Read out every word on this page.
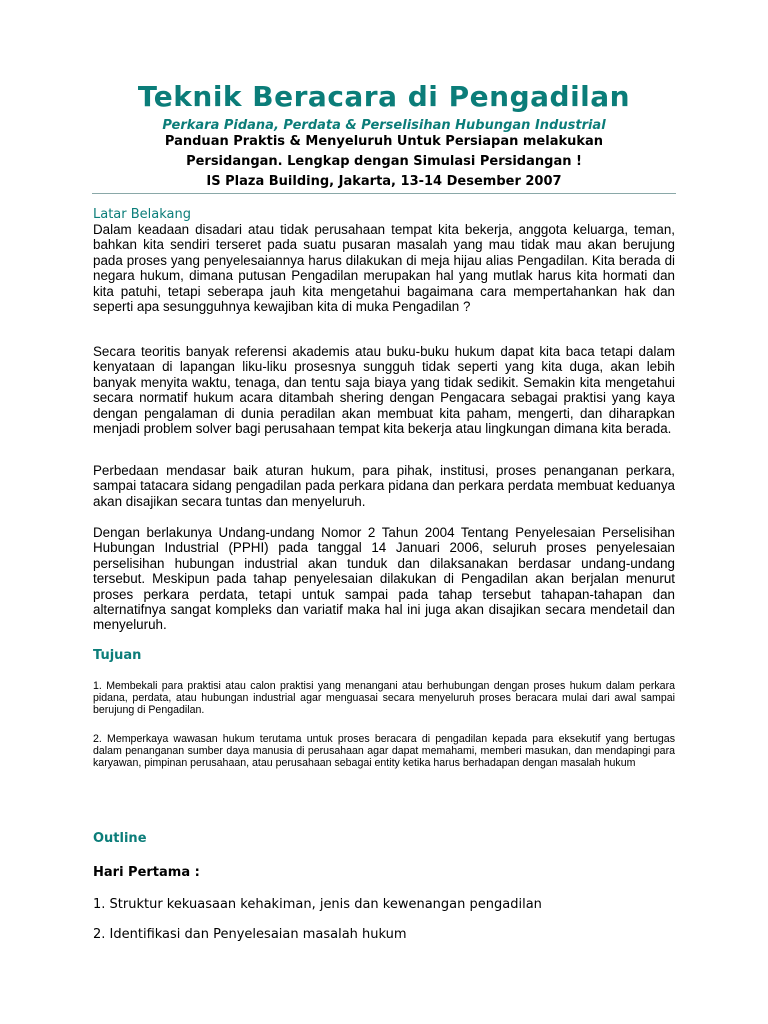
Teknik Beracara di Pengadilan
Perkara Pidana, Perdata & Perselisihan Hubungan Industrial
Panduan Praktis & Menyeluruh Untuk Persiapan melakukan
Persidangan. Lengkap dengan Simulasi Persidangan !
IS Plaza Building, Jakarta, 13-14 Desember 2007
Latar Belakang
Dalam keadaan disadari atau tidak perusahaan tempat kita bekerja, anggota keluarga, teman, bahkan kita sendiri terseret pada suatu pusaran masalah yang mau tidak mau akan berujung pada proses yang penyelesaiannya harus dilakukan di meja hijau alias Pengadilan. Kita berada di negara hukum, dimana putusan Pengadilan merupakan hal yang mutlak harus kita hormati dan kita patuhi, tetapi seberapa jauh kita mengetahui bagaimana cara mempertahankan hak dan seperti apa sesungguhnya kewajiban kita di muka Pengadilan ?
Secara teoritis banyak referensi akademis atau buku-buku hukum dapat kita baca tetapi dalam kenyataan di lapangan liku-liku prosesnya sungguh tidak seperti yang kita duga, akan lebih banyak menyita waktu, tenaga, dan tentu saja biaya yang tidak sedikit. Semakin kita mengetahui secara normatif hukum acara ditambah shering dengan Pengacara sebagai praktisi yang kaya dengan pengalaman di dunia peradilan akan membuat kita paham, mengerti, dan diharapkan menjadi problem solver bagi perusahaan tempat kita bekerja atau lingkungan dimana kita berada.
Perbedaan mendasar baik aturan hukum, para pihak, institusi, proses penanganan perkara, sampai tatacara sidang pengadilan pada perkara pidana dan perkara perdata membuat keduanya akan disajikan secara tuntas dan menyeluruh.
Dengan berlakunya Undang-undang Nomor 2 Tahun 2004 Tentang Penyelesaian Perselisihan Hubungan Industrial (PPHI) pada tanggal 14 Januari 2006, seluruh proses penyelesaian perselisihan hubungan industrial akan tunduk dan dilaksanakan berdasar undang-undang tersebut. Meskipun pada tahap penyelesaian dilakukan di Pengadilan akan berjalan menurut proses perkara perdata, tetapi untuk sampai pada tahap tersebut tahapan-tahapan dan alternatifnya sangat kompleks dan variatif maka hal ini juga akan disajikan secara mendetail dan menyeluruh.
Tujuan
1. Membekali para praktisi atau calon praktisi yang menangani atau berhubungan dengan proses hukum dalam perkara pidana, perdata, atau hubungan industrial agar menguasai secara menyeluruh proses beracara mulai dari awal sampai berujung di Pengadilan.
2. Memperkaya wawasan hukum terutama untuk proses beracara di pengadilan kepada para eksekutif yang bertugas dalam penanganan sumber daya manusia di perusahaan agar dapat memahami, memberi masukan, dan mendapingi para karyawan, pimpinan perusahaan, atau perusahaan sebagai entity ketika harus berhadapan dengan masalah hukum
Outline
Hari Pertama :
1. Struktur kekuasaan kehakiman, jenis dan kewenangan pengadilan
2. Identifikasi dan Penyelesaian masalah hukum
